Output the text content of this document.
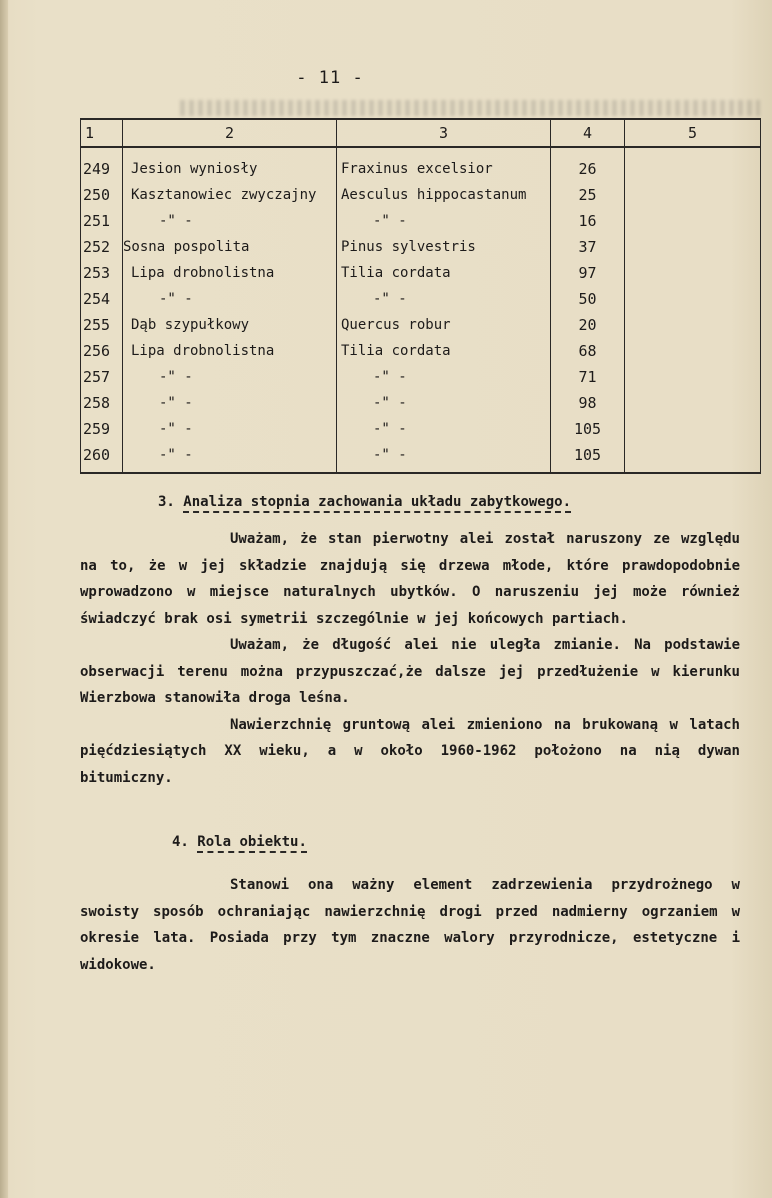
- 11 -
1	2	3	4	5
249	Jesion wyniosły	Fraxinus excelsior	26	
250	Kasztanowiec zwyczajny	Aesculus hippocastanum	25	
251	-" -	-" -	16	
252	Sosna pospolita	Pinus sylvestris	37	
253	Lipa drobnolistna	Tilia cordata	97	
254	-" -	-" -	50	
255	Dąb szypułkowy	Quercus robur	20	
256	Lipa drobnolistna	Tilia cordata	68	
257	-" -	-" -	71	
258	-" -	-" -	98	
259	-" -	-" -	105	
260	-" -	-" -	105	
3. Analiza stopnia zachowania układu zabytkowego.

Uważam, że stan pierwotny alei został naruszony ze względu na to, że w jej składzie znajdują się drzewa młode, które prawdopodobnie wprowadzono w miejsce naturalnych ubytków. O naruszeniu jej może również świadczyć brak osi symetrii szczególnie w jej końcowych partiach.

Uważam, że długość alei nie uległa zmianie. Na podstawie obserwacji terenu można przypuszczać,że dalsze jej przedłużenie w kierunku Wierzbowa stanowiła droga leśna.

Nawierzchnię gruntową alei zmieniono na brukowaną w latach pięćdziesiątych XX wieku, a w około 1960-1962 położono na nią dywan bitumiczny.

4. Rola obiektu.

Stanowi ona ważny element zadrzewienia przydrożnego w swoisty sposób ochraniając nawierzchnię drogi przed nadmierny ogrzaniem w okresie lata. Posiada przy tym znaczne walory przyrodnicze, estetyczne i widokowe.
